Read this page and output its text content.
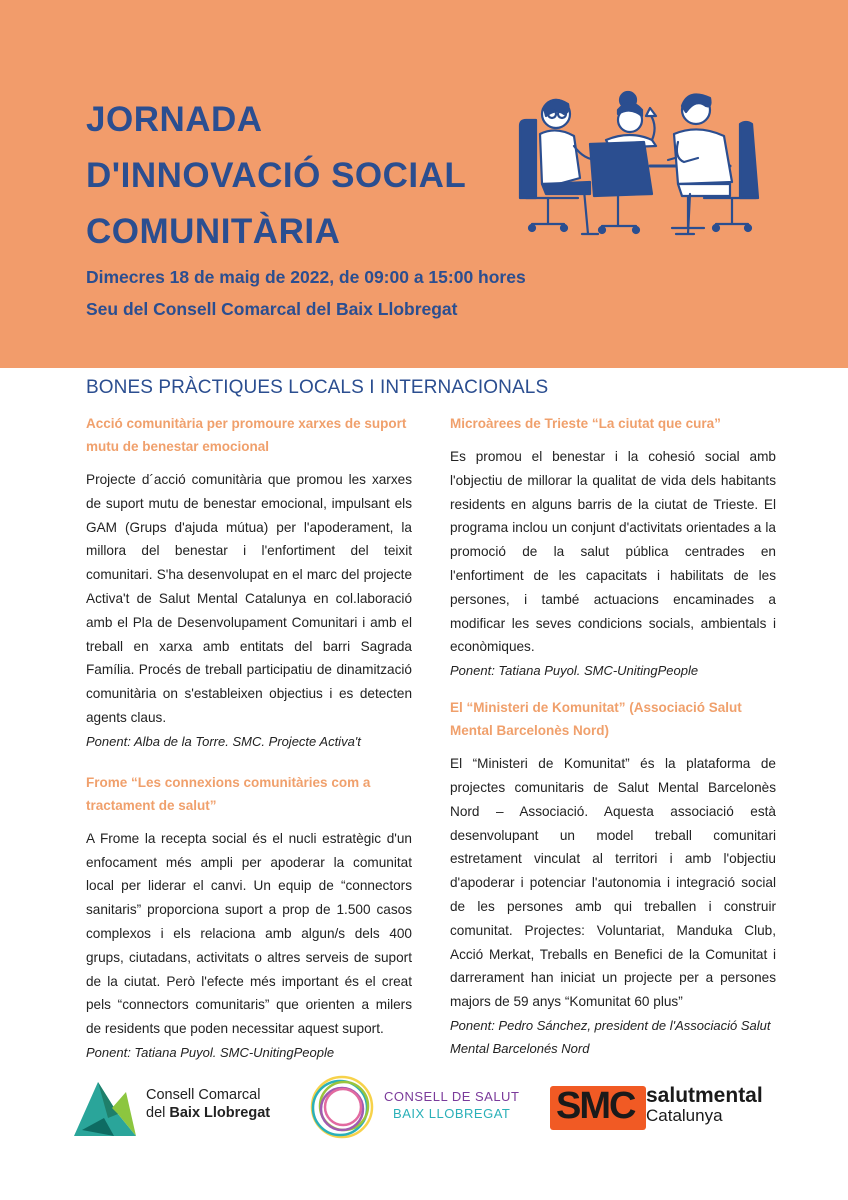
JORNADA
D'INNOVACIÓ SOCIAL
COMUNITÀRIA
Dimecres 18 de maig de 2022, de 09:00 a 15:00 hores
Seu del Consell Comarcal del Baix Llobregat
BONES PRÀCTIQUES LOCALS I INTERNACIONALS

Acció comunitària per promoure xarxes de suport mutu de benestar emocional

Projecte d´acció comunitària que promou les xarxes de suport mutu de benestar emocional, impulsant els GAM (Grups d'ajuda mútua) per l'apoderament, la millora del benestar i l'enfortiment del teixit comunitari. S'ha desenvolupat en el marc del projecte Activa't de Salut Mental Catalunya en col.laboració amb el Pla de Desenvolupament Comunitari i amb el treball en xarxa amb entitats del barri Sagrada Família. Procés de treball participatiu de dinamització comunitària on s'estableixen objectius i es detecten agents claus.

Ponent: Alba de la Torre. SMC. Projecte Activa't

Frome “Les connexions comunitàries com a tractament de salut”

A Frome la recepta social és el nucli estratègic d'un enfocament més ampli per apoderar la comunitat local per liderar el canvi. Un equip de “connectors sanitaris” proporciona suport a prop de 1.500 casos complexos i els relaciona amb algun/s dels 400 grups, ciutadans, activitats o altres serveis de suport de la ciutat. Però l'efecte més important és el creat pels “connectors comunitaris” que orienten a milers de residents que poden necessitar aquest suport.

Ponent: Tatiana Puyol. SMC-UnitingPeople

Microàrees de Trieste “La ciutat que cura”

Es promou el benestar i la cohesió social amb l'objectiu de millorar la qualitat de vida dels habitants residents en alguns barris de la ciutat de Trieste. El programa inclou un conjunt d'activitats orientades a la promoció de la salut pública centrades en l'enfortiment de les capacitats i habilitats de les persones, i també actuacions encaminades a modificar les seves condicions socials, ambientals i econòmiques.

Ponent: Tatiana Puyol. SMC-UnitingPeople

El “Ministeri de Komunitat” (Associació Salut Mental Barcelonès Nord)

El “Ministeri de Komunitat” és la plataforma de projectes comunitaris de Salut Mental Barcelonès Nord – Associació. Aquesta associació està desenvolupant un model treball comunitari estretament vinculat al territori i amb l'objectiu d'apoderar i potenciar l'autonomia i integració social de les persones amb qui treballen i construir comunitat. Projectes: Voluntariat, Manduka Club, Acció Merkat, Treballs en Benefici de la Comunitat i darrerament han iniciat un projecte per a persones majors de 59 anys “Komunitat 60 plus”

Ponent: Pedro Sánchez, president de l'Associació Salut Mental Barcelonés Nord

Consell Comarcal
del Baix Llobregat
CONSELL DE SALUT
BAIX LLOBREGAT SMC salutmental
Catalunya
